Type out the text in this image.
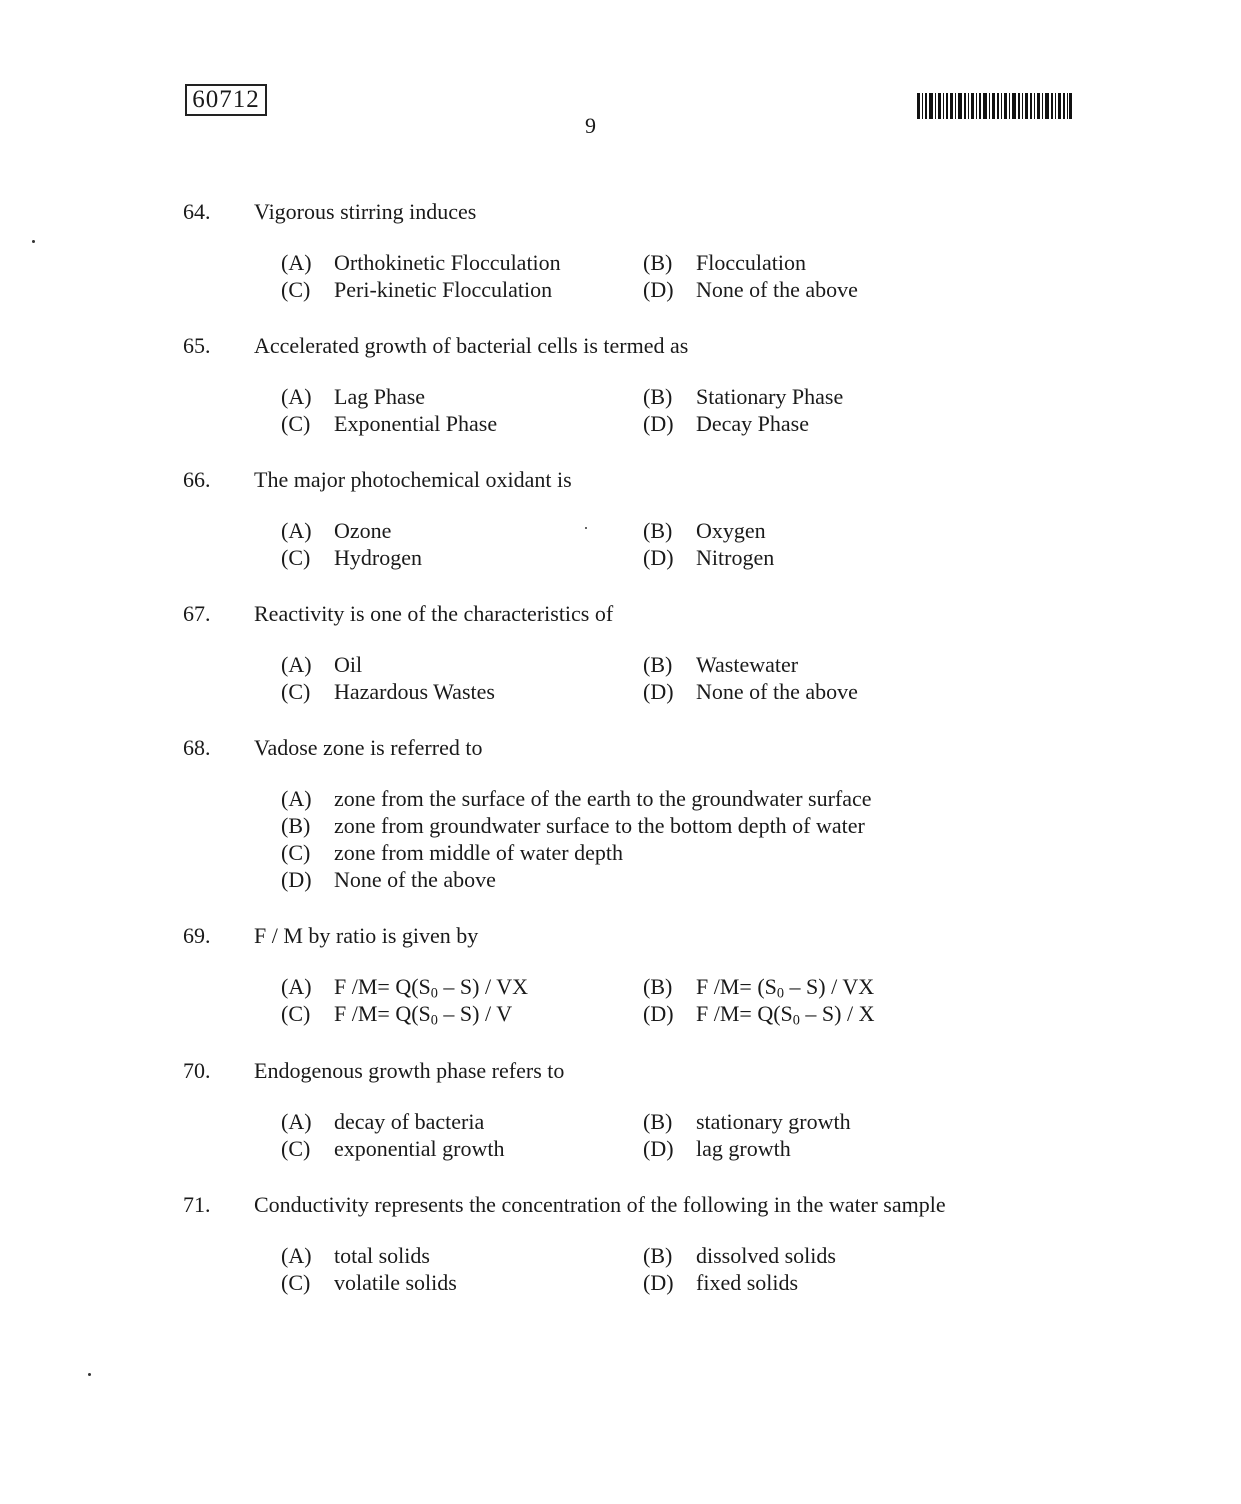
60712
9
64. Vigorous stirring induces
(A) Orthokinetic Flocculation	(B) Flocculation
(C) Peri-kinetic Flocculation	(D) None of the above
65. Accelerated growth of bacterial cells is termed as
(A) Lag Phase	(B) Stationary Phase
(C) Exponential Phase	(D) Decay Phase
66. The major photochemical oxidant is
(A) Ozone	(B) Oxygen
(C) Hydrogen	(D) Nitrogen
67. Reactivity is one of the characteristics of
(A) Oil	(B) Wastewater
(C) Hazardous Wastes	(D) None of the above
68. Vadose zone is referred to
(A) zone from the surface of the earth to the groundwater surface
(B) zone from groundwater surface to the bottom depth of water
(C) zone from middle of water depth
(D) None of the above
69. F / M by ratio is given by
(A) F $/M= Q(S_0 - S)$ / VX	(B) F $/M= (S_0 - S)$ / VX
(C) F $/M= Q(S_0 - S) / V$	(D) F $/M= Q(S_0 - S) / X$
70. Endogenous growth phase refers to
(A) decay of bacteria	(B) stationary growth
(C) exponential growth	(D) lag growth
71. Conductivity represents the concentration of the following in the water sample
(A) total solids	(B) dissolved solids
(C) volatile solids	(D) fixed solids
